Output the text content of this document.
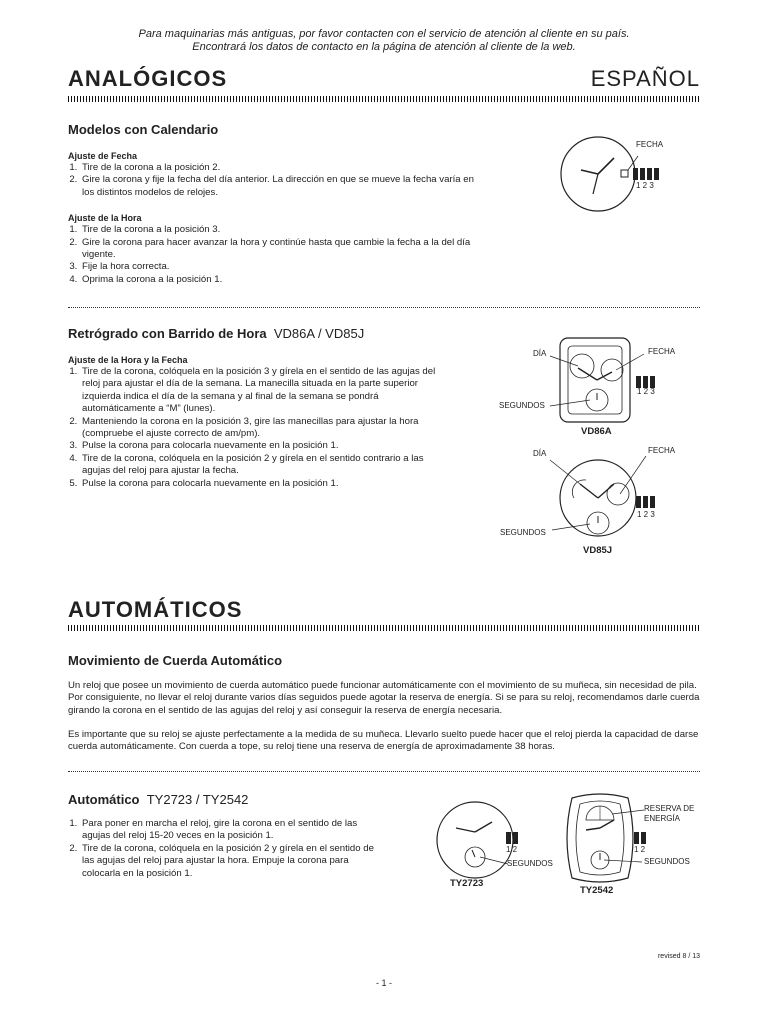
Para maquinarias más antiguas, por favor contacten con el servicio de atención al cliente en su país.
Encontrará los datos de contacto en la página de atención al cliente de la web.
ANALÓGICOS	ESPAÑOL
Modelos con Calendario
Ajuste de Fecha
1. Tire de la corona a la posición 2.
2. Gire la corona y fije la fecha del día anterior. La dirección en que se mueve la fecha varía en los distintos modelos de relojes.
Ajuste de la Hora
1. Tire de la corona a la posición 3.
2. Gire la corona para hacer avanzar la hora y continúe hasta que cambie la fecha a la del día vigente.
3. Fije la hora correcta.
4. Oprima la corona a la posición 1.
FECHA
1 2 3
Retrógrado con Barrido de Hora VD86A / VD85J
Ajuste de la Hora y la Fecha
1. Tire de la corona, colóquela en la posición 3 y gírela en el sentido de las agujas del reloj para ajustar el día de la semana. La manecilla situada en la parte superior izquierda indica el día de la semana y al final de la semana se pondrá automáticamente a “M” (lunes).
2. Manteniendo la corona en la posición 3, gire las manecillas para ajustar la hora (compruebe el ajuste correcto de am/pm).
3. Pulse la corona para colocarla nuevamente en la posición 1.
4. Tire de la corona, colóquela en la posición 2 y gírela en el sentido contrario a las agujas del reloj para ajustar la fecha.
5. Pulse la corona para colocarla nuevamente en la posición 1.
DÍA	FECHA
SEGUNDOS
1 2 3
VD86A
DÍA	FECHA
SEGUNDOS
1 2 3
VD85J
AUTOMÁTICOS
Movimiento de Cuerda Automático
Un reloj que posee un movimiento de cuerda automático puede funcionar automáticamente con el movimiento de su muñeca, sin necesidad de pila. Por consiguiente, no llevar el reloj durante varios días seguidos puede agotar la reserva de energía. Si se para su reloj, recomendamos darle cuerda girando la corona en el sentido de las agujas del reloj y así conseguir la reserva de energía necesaria.
Es importante que su reloj se ajuste perfectamente a la medida de su muñeca. Llevarlo suelto puede hacer que el reloj pierda la capacidad de darse cuerda automáticamente. Con cuerda a tope, su reloj tiene una reserva de energía de aproximadamente 38 horas.
Automático TY2723 / TY2542
1. Para poner en marcha el reloj, gire la corona en el sentido de las agujas del reloj 15-20 veces en la posición 1.
2. Tire de la corona, colóquela en la posición 2 y gírela en el sentido de las agujas del reloj para ajustar la hora. Empuje la corona para colocarla en la posición 1.
1 2
SEGUNDOS
TY2723
RESERVA DE ENERGÍA
1 2
SEGUNDOS
TY2542
revised 8 / 13
- 1 -
